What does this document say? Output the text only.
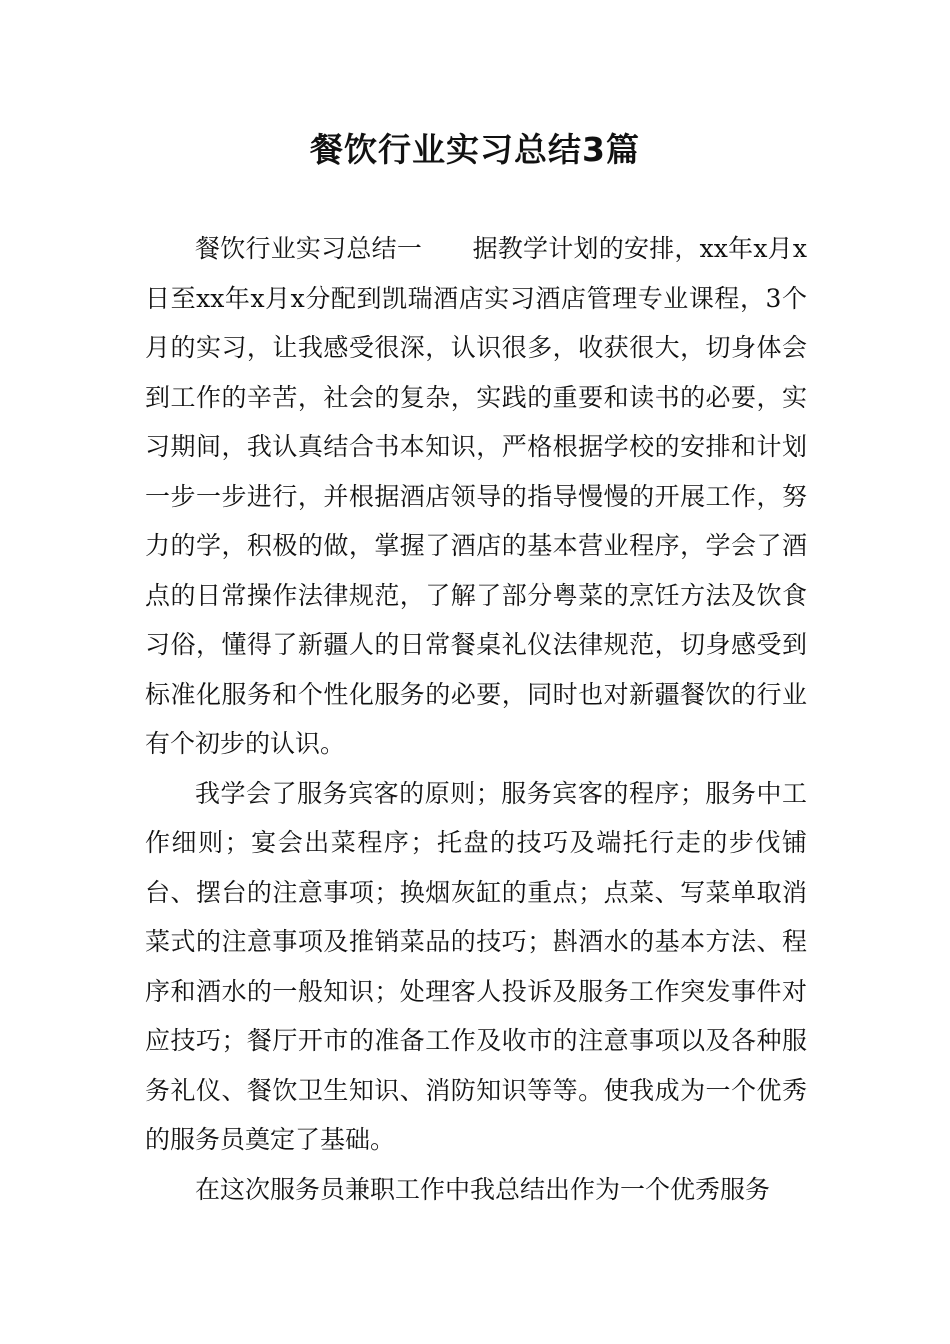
餐饮行业实习总结3篇

餐饮行业实习总结一　　据教学计划的安排，xx年x月x日至xx年x月x分配到凯瑞酒店实习酒店管理专业课程，3个月的实习，让我感受很深，认识很多，收获很大，切身体会到工作的辛苦，社会的复杂，实践的重要和读书的必要，实习期间，我认真结合书本知识，严格根据学校的安排和计划一步一步进行，并根据酒店领导的指导慢慢的开展工作，努力的学，积极的做，掌握了酒店的基本营业程序，学会了酒点的日常操作法律规范，了解了部分粤菜的烹饪方法及饮食习俗，懂得了新疆人的日常餐桌礼仪法律规范，切身感受到标准化服务和个性化服务的必要，同时也对新疆餐饮的行业有个初步的认识。

我学会了服务宾客的原则；服务宾客的程序；服务中工作细则；宴会出菜程序；托盘的技巧及端托行走的步伐铺台、摆台的注意事项；换烟灰缸的重点；点菜、写菜单取消菜式的注意事项及推销菜品的技巧；斟酒水的基本方法、程序和酒水的一般知识；处理客人投诉及服务工作突发事件对应技巧；餐厅开市的准备工作及收市的注意事项以及各种服务礼仪、餐饮卫生知识、消防知识等等。使我成为一个优秀的服务员奠定了基础。

在这次服务员兼职工作中我总结出作为一个优秀服务
